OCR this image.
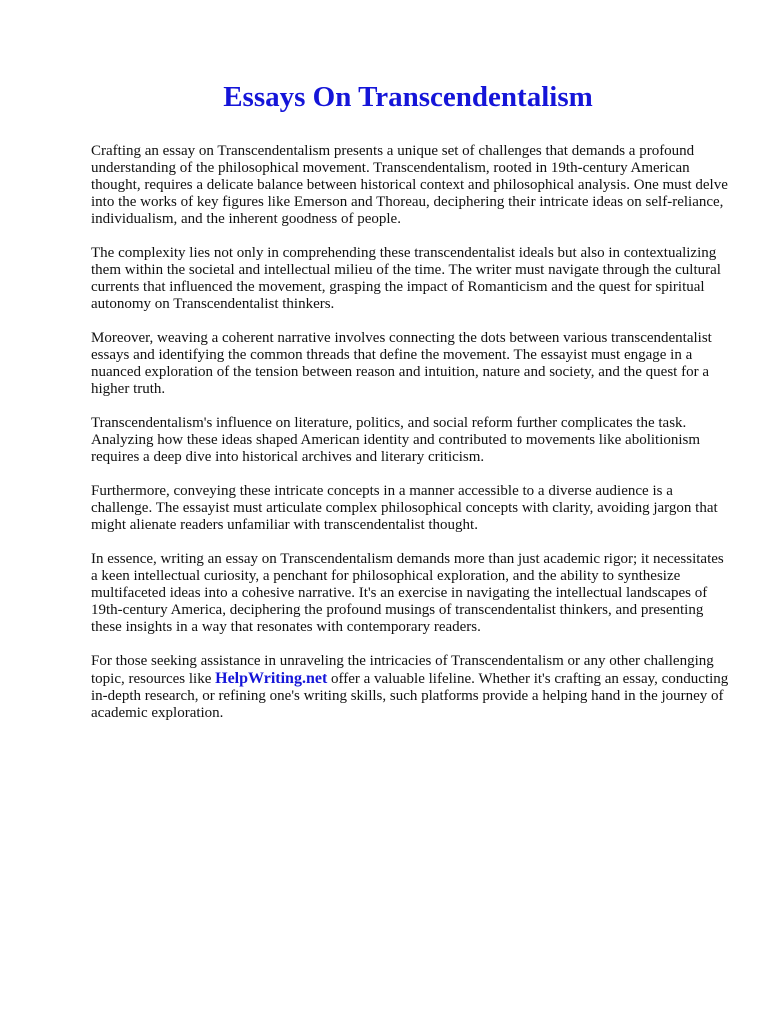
Essays On Transcendentalism

Crafting an essay on Transcendentalism presents a unique set of challenges that demands a profound understanding of the philosophical movement. Transcendentalism, rooted in 19th-century American thought, requires a delicate balance between historical context and philosophical analysis. One must delve into the works of key figures like Emerson and Thoreau, deciphering their intricate ideas on self-reliance, individualism, and the inherent goodness of people.

The complexity lies not only in comprehending these transcendentalist ideals but also in contextualizing them within the societal and intellectual milieu of the time. The writer must navigate through the cultural currents that influenced the movement, grasping the impact of Romanticism and the quest for spiritual autonomy on Transcendentalist thinkers.

Moreover, weaving a coherent narrative involves connecting the dots between various transcendentalist essays and identifying the common threads that define the movement. The essayist must engage in a nuanced exploration of the tension between reason and intuition, nature and society, and the quest for a higher truth.

Transcendentalism's influence on literature, politics, and social reform further complicates the task. Analyzing how these ideas shaped American identity and contributed to movements like abolitionism requires a deep dive into historical archives and literary criticism.

Furthermore, conveying these intricate concepts in a manner accessible to a diverse audience is a challenge. The essayist must articulate complex philosophical concepts with clarity, avoiding jargon that might alienate readers unfamiliar with transcendentalist thought.

In essence, writing an essay on Transcendentalism demands more than just academic rigor; it necessitates a keen intellectual curiosity, a penchant for philosophical exploration, and the ability to synthesize multifaceted ideas into a cohesive narrative. It's an exercise in navigating the intellectual landscapes of 19th-century America, deciphering the profound musings of transcendentalist thinkers, and presenting these insights in a way that resonates with contemporary readers.

For those seeking assistance in unraveling the intricacies of Transcendentalism or any other challenging topic, resources like HelpWriting.net offer a valuable lifeline. Whether it's crafting an essay, conducting in-depth research, or refining one's writing skills, such platforms provide a helping hand in the journey of academic exploration.
